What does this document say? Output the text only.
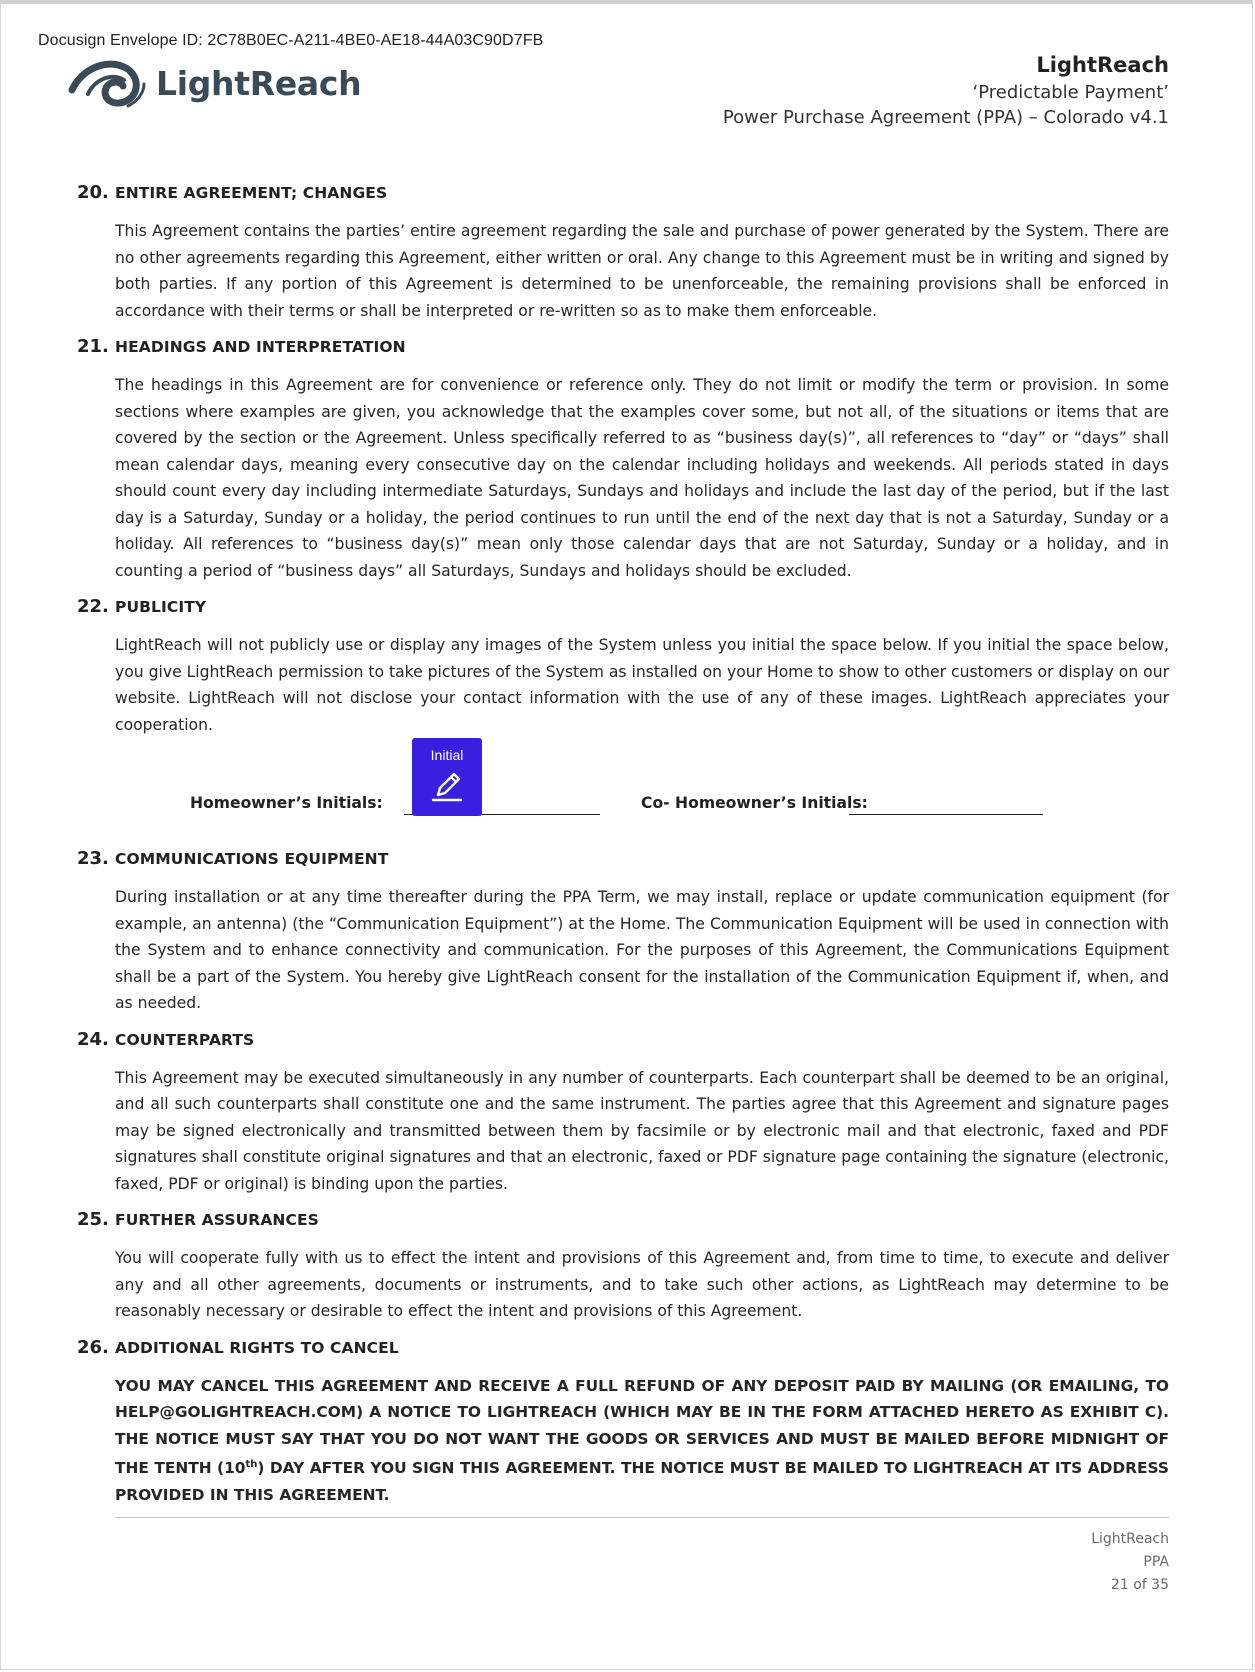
Docusign Envelope ID: 2C78B0EC-A211-4BE0-AE18-44A03C90D7FB
LightReach	LightReach
‘Predictable Payment’
Power Purchase Agreement (PPA) – Colorado v4.1
20. ENTIRE AGREEMENT; CHANGES
This Agreement contains the parties’ entire agreement regarding the sale and purchase of power generated by the System. There are no other agreements regarding this Agreement, either written or oral. Any change to this Agreement must be in writing and signed by both parties. If any portion of this Agreement is determined to be unenforceable, the remaining provisions shall be enforced in accordance with their terms or shall be interpreted or re-written so as to make them enforceable.
21. HEADINGS AND INTERPRETATION
The headings in this Agreement are for convenience or reference only. They do not limit or modify the term or provision. In some sections where examples are given, you acknowledge that the examples cover some, but not all, of the situations or items that are covered by the section or the Agreement. Unless specifically referred to as “business day(s)”, all references to “day” or “days” shall mean calendar days, meaning every consecutive day on the calendar including holidays and weekends. All periods stated in days should count every day including intermediate Saturdays, Sundays and holidays and include the last day of the period, but if the last day is a Saturday, Sunday or a holiday, the period continues to run until the end of the next day that is not a Saturday, Sunday or a holiday. All references to “business day(s)” mean only those calendar days that are not Saturday, Sunday or a holiday, and in counting a period of “business days” all Saturdays, Sundays and holidays should be excluded.
22. PUBLICITY
LightReach will not publicly use or display any images of the System unless you initial the space below. If you initial the space below, you give LightReach permission to take pictures of the System as installed on your Home to show to other customers or display on our website. LightReach will not disclose your contact information with the use of any of these images. LightReach appreciates your cooperation.
Homeowner’s Initials:
Initial
Co- Homeowner’s Initials:
23. COMMUNICATIONS EQUIPMENT
During installation or at any time thereafter during the PPA Term, we may install, replace or update communication equipment (for example, an antenna) (the “Communication Equipment”) at the Home. The Communication Equipment will be used in connection with the System and to enhance connectivity and communication. For the purposes of this Agreement, the Communications Equipment shall be a part of the System. You hereby give LightReach consent for the installation of the Communication Equipment if, when, and as needed.
24. COUNTERPARTS
This Agreement may be executed simultaneously in any number of counterparts. Each counterpart shall be deemed to be an original, and all such counterparts shall constitute one and the same instrument. The parties agree that this Agreement and signature pages may be signed electronically and transmitted between them by facsimile or by electronic mail and that electronic, faxed and PDF signatures shall constitute original signatures and that an electronic, faxed or PDF signature page containing the signature (electronic, faxed, PDF or original) is binding upon the parties.
25. FURTHER ASSURANCES
You will cooperate fully with us to effect the intent and provisions of this Agreement and, from time to time, to execute and deliver any and all other agreements, documents or instruments, and to take such other actions, as LightReach may determine to be reasonably necessary or desirable to effect the intent and provisions of this Agreement.
26. ADDITIONAL RIGHTS TO CANCEL
YOU MAY CANCEL THIS AGREEMENT AND RECEIVE A FULL REFUND OF ANY DEPOSIT PAID BY MAILING (OR EMAILING, TO HELP@GOLIGHTREACH.COM) A NOTICE TO LIGHTREACH (WHICH MAY BE IN THE FORM ATTACHED HERETO AS EXHIBIT C). THE NOTICE MUST SAY THAT YOU DO NOT WANT THE GOODS OR SERVICES AND MUST BE MAILED BEFORE MIDNIGHT OF THE TENTH (10th) DAY AFTER YOU SIGN THIS AGREEMENT. THE NOTICE MUST BE MAILED TO LIGHTREACH AT ITS ADDRESS PROVIDED IN THIS AGREEMENT.
LightReach
PPA
21 of 35
